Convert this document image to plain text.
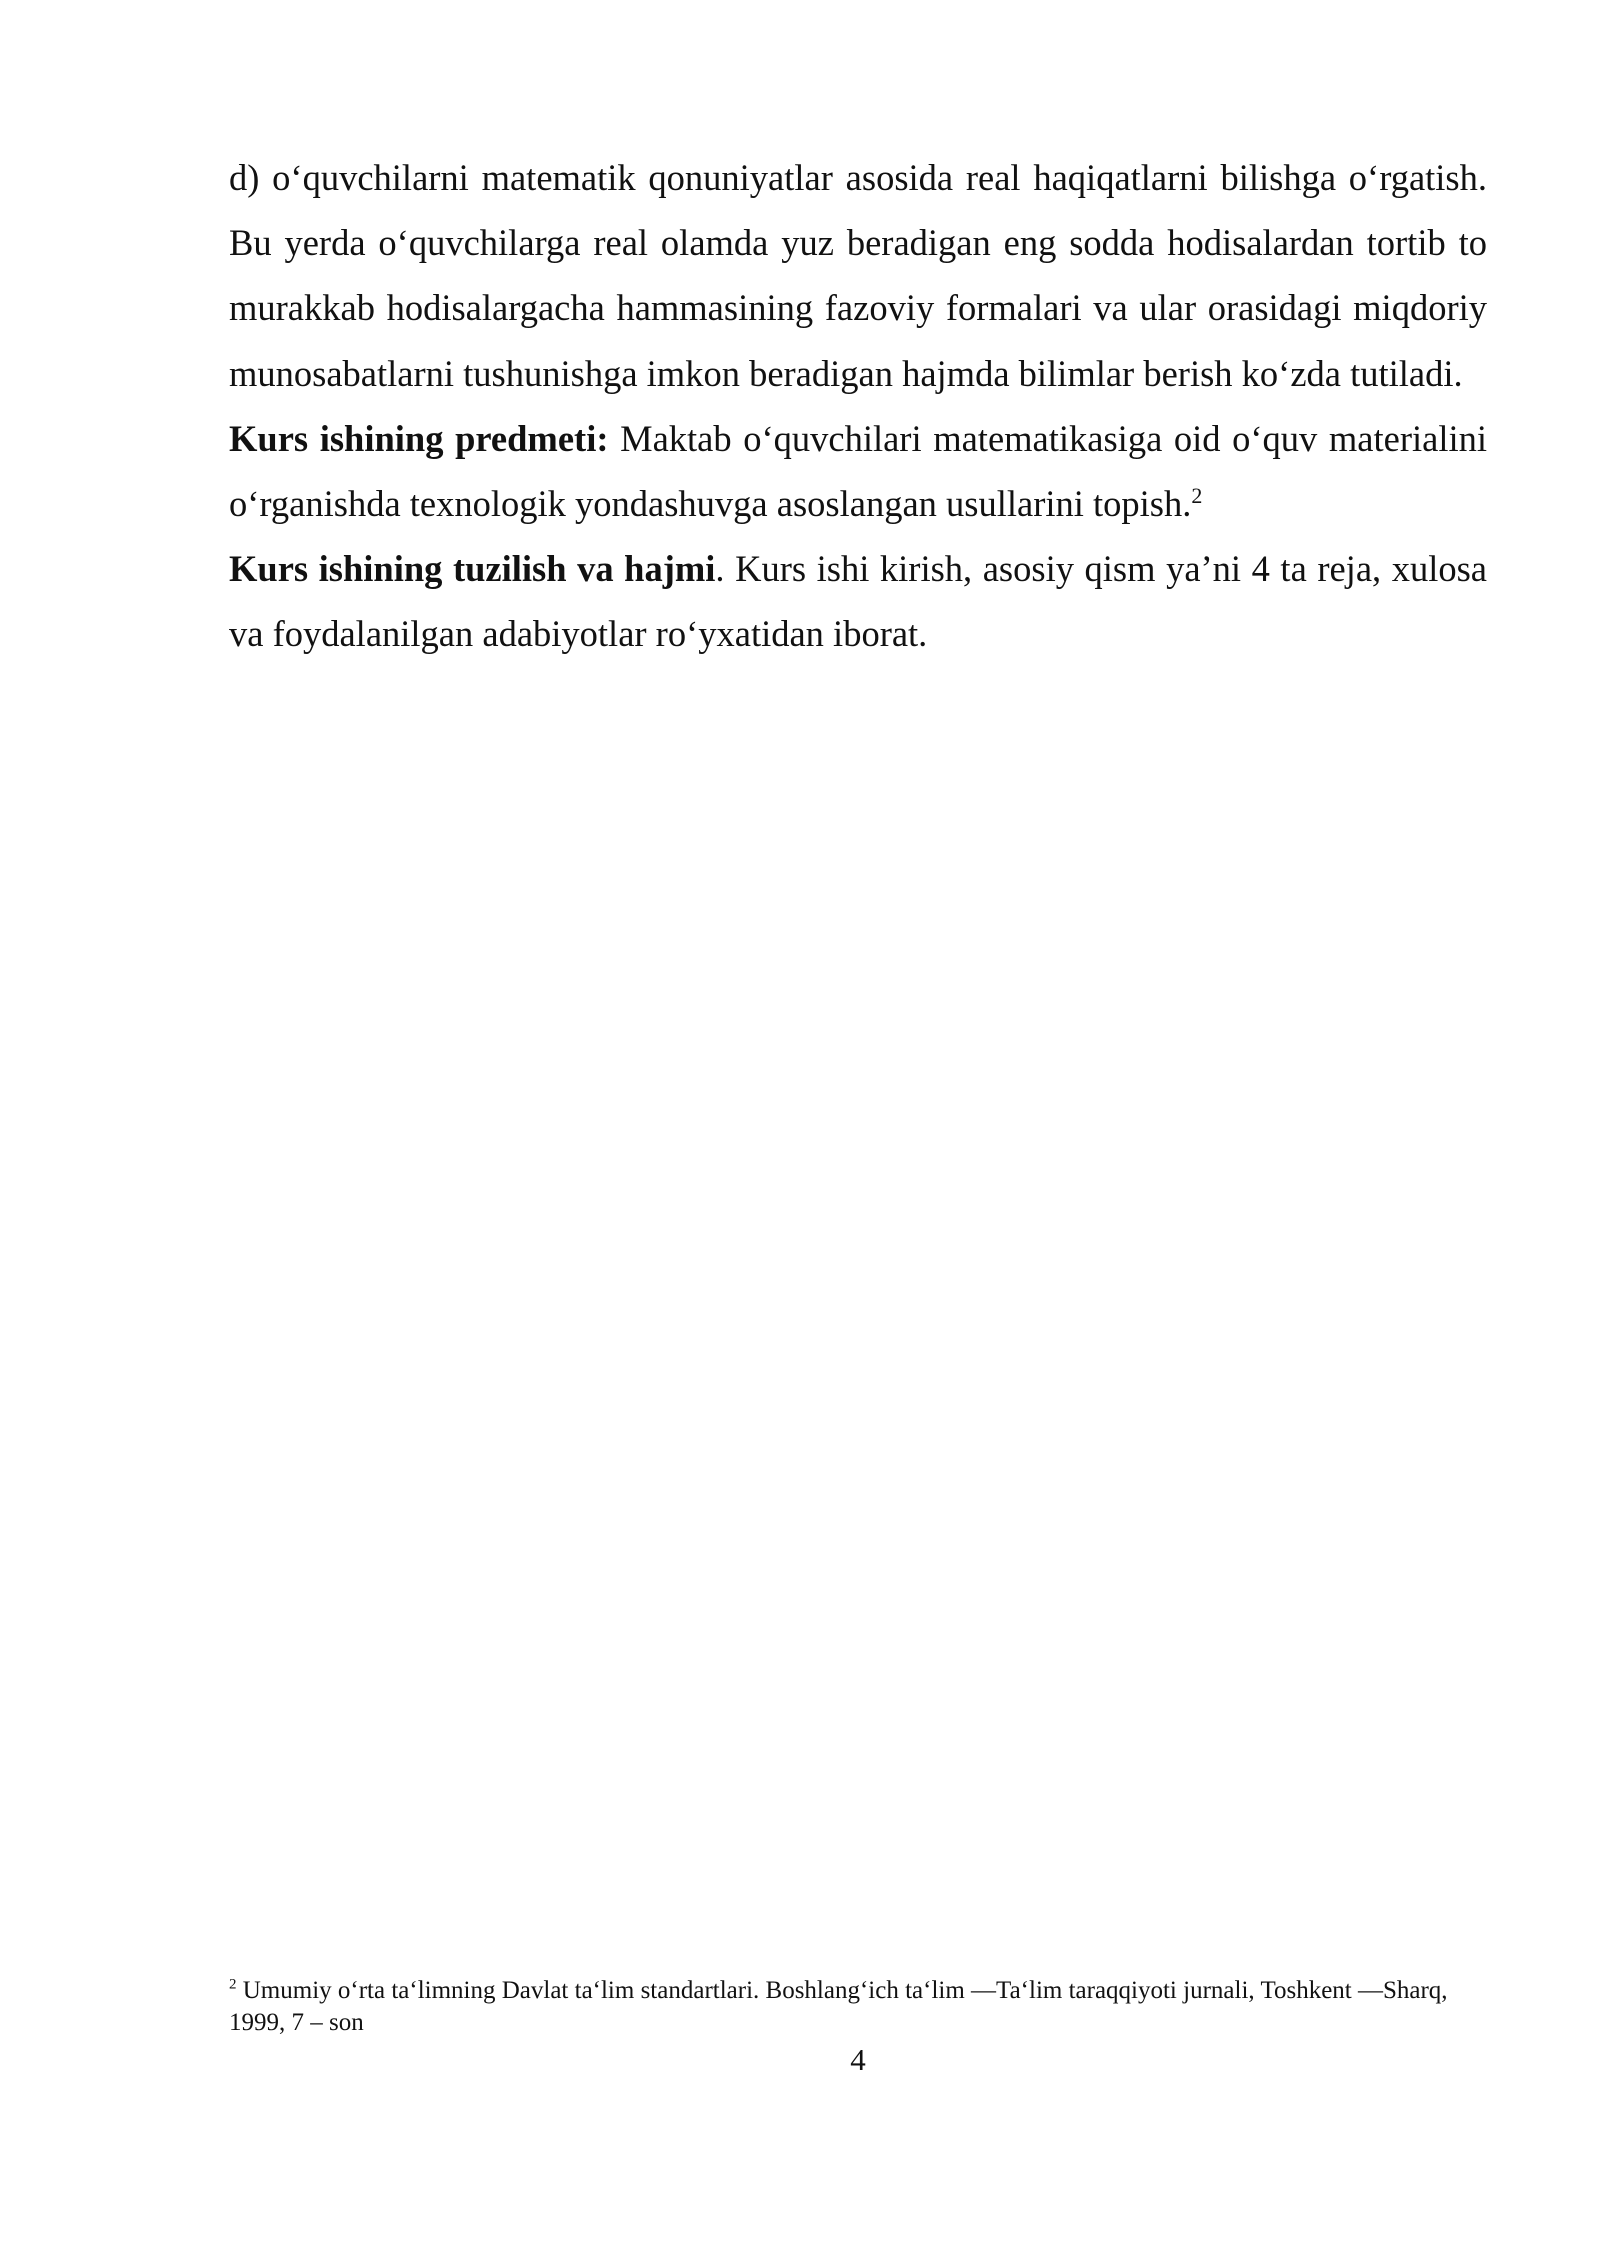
d) o‘quvchilarni matematik qonuniyatlar asosida real haqiqatlarni bilishga o‘rgatish. Bu yerda o‘quvchilarga real olamda yuz beradigan eng sodda hodisalardan tortib to murakkab hodisalargacha hammasining fazoviy formalari va ular orasidagi miqdoriy munosabatlarni tushunishga imkon beradigan hajmda bilimlar berish ko‘zda tutiladi.

Kurs ishining predmeti: Maktab o‘quvchilari matematikasiga oid o‘quv materialini o‘rganishda texnologik yondashuvga asoslangan usullarini topish.$^2$

Kurs ishining tuzilish va hajmi. Kurs ishi kirish, asosiy qism ya’ni 4 ta reja, xulosa va foydalanilgan adabiyotlar ro‘yxatidan iborat.

$^2$ Umumiy o‘rta ta‘limning Davlat ta‘lim standartlari. Boshlang‘ich ta‘lim —Ta‘lim taraqqiyoti jurnali, Toshkent —Sharq, 1999, 7 – son
4
